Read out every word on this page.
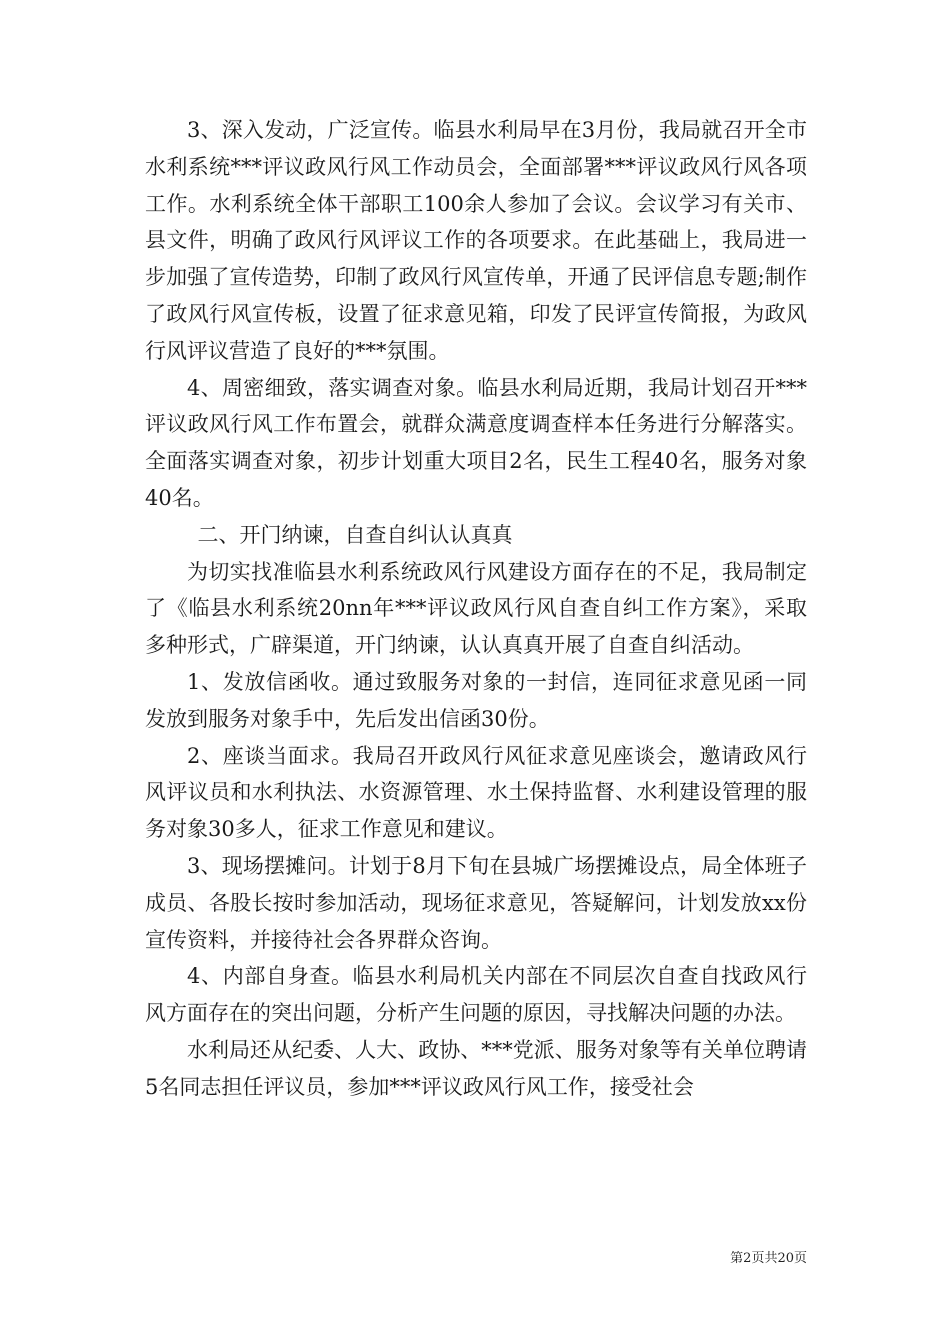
3、深入发动，广泛宣传。临县水利局早在3月份，我局就召开全市水利系统***评议政风行风工作动员会，全面部署***评议政风行风各项工作。水利系统全体干部职工100余人参加了会议。会议学习有关市、县文件，明确了政风行风评议工作的各项要求。在此基础上，我局进一步加强了宣传造势，印制了政风行风宣传单，开通了民评信息专题;制作了政风行风宣传板，设置了征求意见箱，印发了民评宣传简报，为政风行风评议营造了良好的***氛围。

4、周密细致，落实调查对象。临县水利局近期，我局计划召开***评议政风行风工作布置会，就群众满意度调查样本任务进行分解落实。全面落实调查对象，初步计划重大项目2名，民生工程40名，服务对象40名。

二、开门纳谏，自查自纠认认真真

为切实找准临县水利系统政风行风建设方面存在的不足，我局制定了《临县水利系统20nn年***评议政风行风自查自纠工作方案》，采取多种形式，广辟渠道，开门纳谏，认认真真开展了自查自纠活动。

1、发放信函收。通过致服务对象的一封信，连同征求意见函一同发放到服务对象手中，先后发出信函30份。

2、座谈当面求。我局召开政风行风征求意见座谈会，邀请政风行风评议员和水利执法、水资源管理、水土保持监督、水利建设管理的服务对象30多人，征求工作意见和建议。

3、现场摆摊问。计划于8月下旬在县城广场摆摊设点，局全体班子成员、各股长按时参加活动，现场征求意见，答疑解问，计划发放xx份宣传资料，并接待社会各界群众咨询。

4、内部自身查。临县水利局机关内部在不同层次自查自找政风行风方面存在的突出问题，分析产生问题的原因，寻找解决问题的办法。

水利局还从纪委、人大、政协、***党派、服务对象等有关单位聘请5名同志担任评议员，参加***评议政风行风工作，接受社会

第2页共20页
